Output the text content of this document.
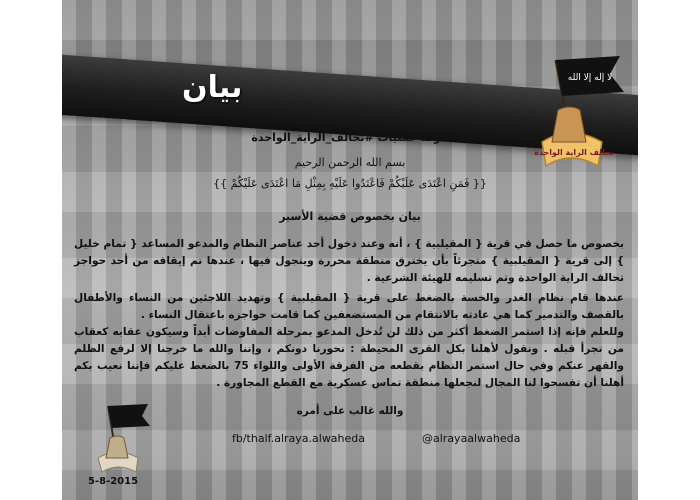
بيان	لا إله إلا الله
تحالف الراية الواحدة
غرفة عمليات #تحالف_الراية_الواحدة
بسم الله الرحمن الرحيم
{{ فَمَنِ اعْتَدَى عَلَيْكُمْ فَاعْتَدُوا عَلَيْهِ بِمِثْلِ مَا اعْتَدَى عَلَيْكُمْ }}
بيان بخصوص قضية الأسير
بخصوص ما حصل في قرية { المقيلبية } ، أنه وعند دخول أحد عناصر النظام والمدعو المساعد { تمام خليل } إلى قرية { المقيلبية } متجرئاً بأن يخترق منطقة محررة ويتجول فيها ، عندها تم إيقافه من أحد حواجز تحالف الراية الواحدة وتم تسليمه للهيئة الشرعية .
عندها قام نظام الغدر والخسة بالضغط على قرية { المقيلبية } وتهديد اللاجئين من النساء والأطفال بالقصف والتدمير كما هي عادته بالانتقام من المستضعفين كما قامت حواجزه باعتقال النساء .
وللعلم فإنه إذا استمر الضغط أكثر من ذلك لن تُدخل المدعو بمرحلة المفاوضات أبداً وسيكون عقابه كعقاب من تجرأ قبله . ونقول لأهلنا بكل القرى المحيطة : نحورنا دونكم ، وإننا والله ما خرجنا إلا لرفع الظلم والقهر عنكم وفي حال استمر النظام بقطعه من الفرقة الأولى واللواء 75 بالضغط عليكم فإننا نعيب بكم أهلنا أن تفسحوا لنا المجال لنجعلها منطقة تماس عسكرية مع القطع المجاورة .
والله غالب على أمره
fb/thalf.alraya.alwaheda	@alrayaalwaheda
5-8-2015
